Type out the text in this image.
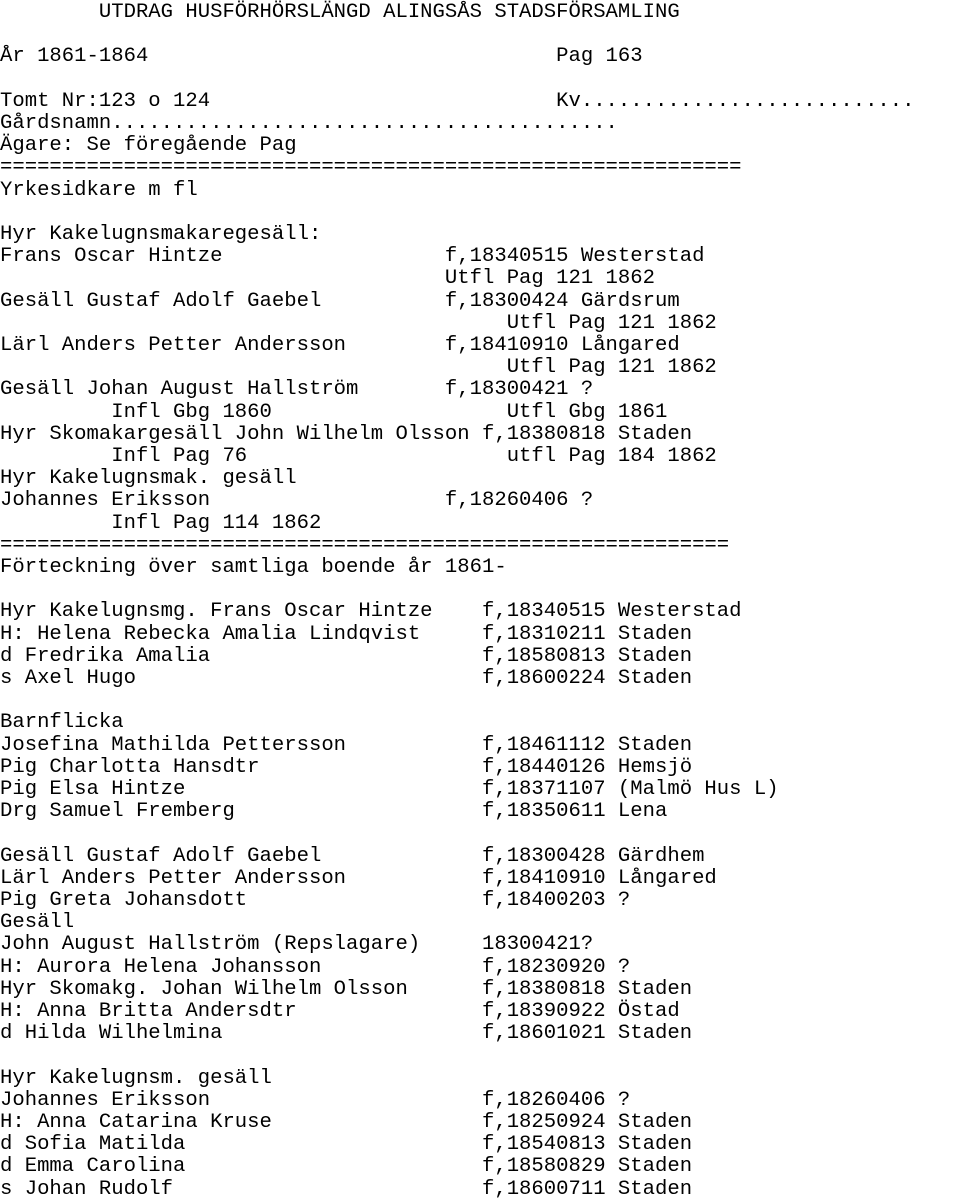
UTDRAG HUSFÖRHÖRSLÄNGD ALINGSÅS STADSFÖRSAMLING
År 1861-1864                                 Pag 163
Tomt Nr:123 o 124                            Kv...........................
Gårdsnamn.........................................
Ägare: Se föregående Pag
============================================================
Yrkesidkare m fl
Hyr Kakelugnsmakaregesäll:
Frans Oscar Hintze                  f,18340515 Westerstad
Utfl Pag 121 1862
Gesäll Gustaf Adolf Gaebel          f,18300424 Gärdsrum
Utfl Pag 121 1862
Lärl Anders Petter Andersson        f,18410910 Långared
Utfl Pag 121 1862
Gesäll Johan August Hallström       f,18300421 ?
Infl Gbg 1860                   Utfl Gbg 1861
Hyr Skomakargesäll John Wilhelm Olsson f,18380818 Staden
Infl Pag 76                     utfl Pag 184 1862
Hyr Kakelugnsmak. gesäll
Johannes Eriksson                   f,18260406 ?
Infl Pag 114 1862
===========================================================
Förteckning över samtliga boende år 1861-
Hyr Kakelugnsmg. Frans Oscar Hintze    f,18340515 Westerstad
H: Helena Rebecka Amalia Lindqvist     f,18310211 Staden
d Fredrika Amalia                      f,18580813 Staden
s Axel Hugo                            f,18600224 Staden
Barnflicka
Josefina Mathilda Pettersson           f,18461112 Staden
Pig Charlotta Hansdtr                  f,18440126 Hemsjö
Pig Elsa Hintze                        f,18371107 (Malmö Hus L)
Drg Samuel Fremberg                    f,18350611 Lena
Gesäll Gustaf Adolf Gaebel             f,18300428 Gärdhem
Lärl Anders Petter Andersson           f,18410910 Långared
Pig Greta Johansdott                   f,18400203 ?
Gesäll
John August Hallström (Repslagare)     18300421?
H: Aurora Helena Johansson             f,18230920 ?
Hyr Skomakg. Johan Wilhelm Olsson      f,18380818 Staden
H: Anna Britta Andersdtr               f,18390922 Östad
d Hilda Wilhelmina                     f,18601021 Staden
Hyr Kakelugnsm. gesäll
Johannes Eriksson                      f,18260406 ?
H: Anna Catarina Kruse                 f,18250924 Staden
d Sofia Matilda                        f,18540813 Staden
d Emma Carolina                        f,18580829 Staden
s Johan Rudolf                         f,18600711 Staden
